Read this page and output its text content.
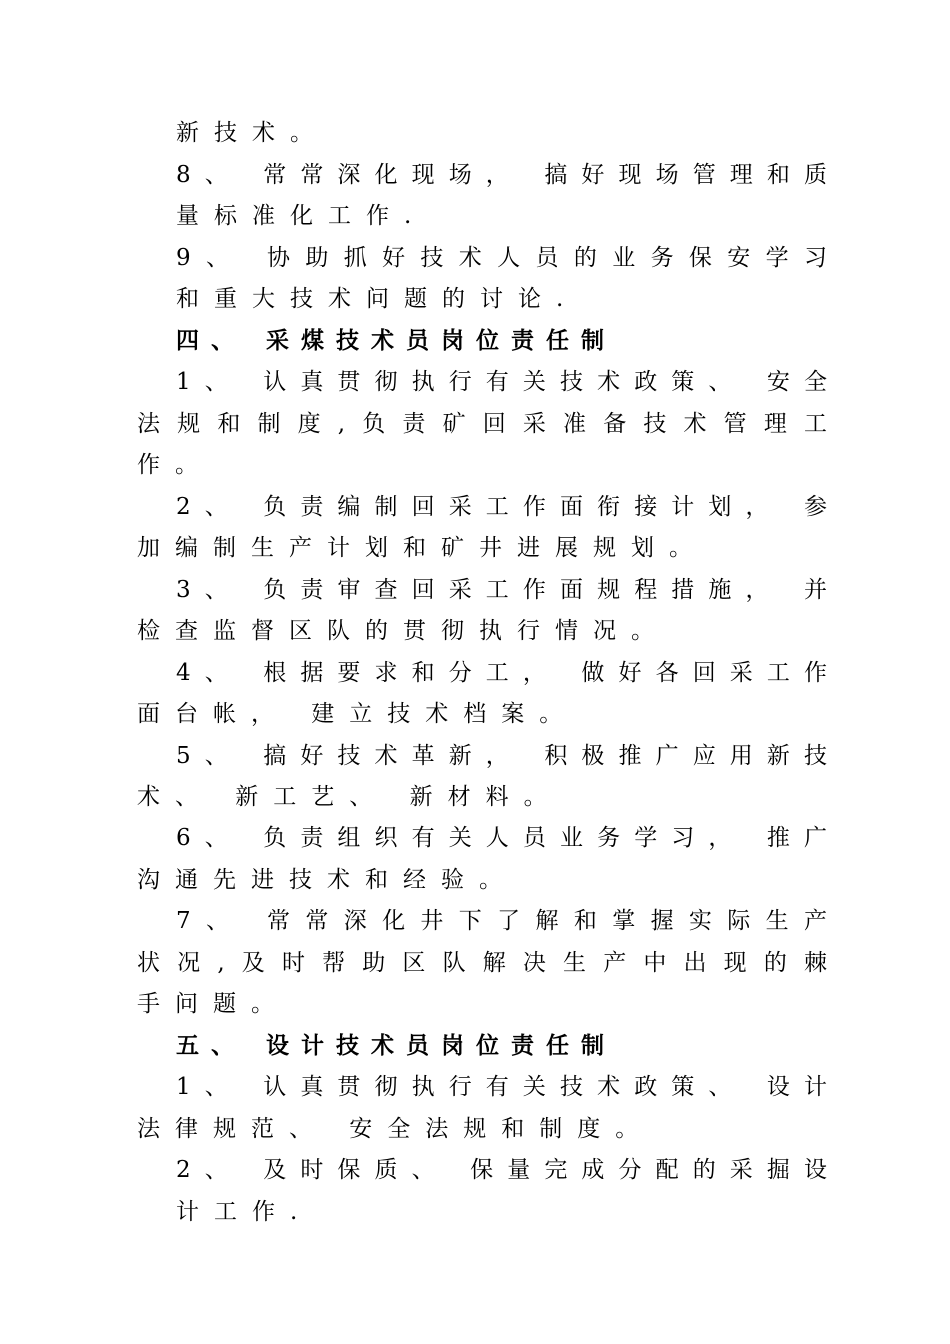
新技术。
8、 常常深化现场， 搞好现场管理和质
量标准化工作.
9、 协助抓好技术人员的业务保安学习
和重大技术问题的讨论.
四、 采煤技术员岗位责任制
1、 认真贯彻执行有关技术政策、 安全
法规和制度,负责矿回采准备技术管理工
作。
2、 负责编制回采工作面衔接计划， 参
加编制生产计划和矿井进展规划。
3、 负责审查回采工作面规程措施， 并
检查监督区队的贯彻执行情况。
4、 根据要求和分工， 做好各回采工作
面台帐， 建立技术档案。
5、 搞好技术革新， 积极推广应用新技
术、 新工艺、 新材料。
6、 负责组织有关人员业务学习， 推广
沟通先进技术和经验。
7、 常常深化井下了解和掌握实际生产
状况,及时帮助区队解决生产中出现的棘
手问题。
五、 设计技术员岗位责任制
1、 认真贯彻执行有关技术政策、 设计
法律规范、 安全法规和制度。
2、 及时保质、 保量完成分配的采掘设
计工作.
